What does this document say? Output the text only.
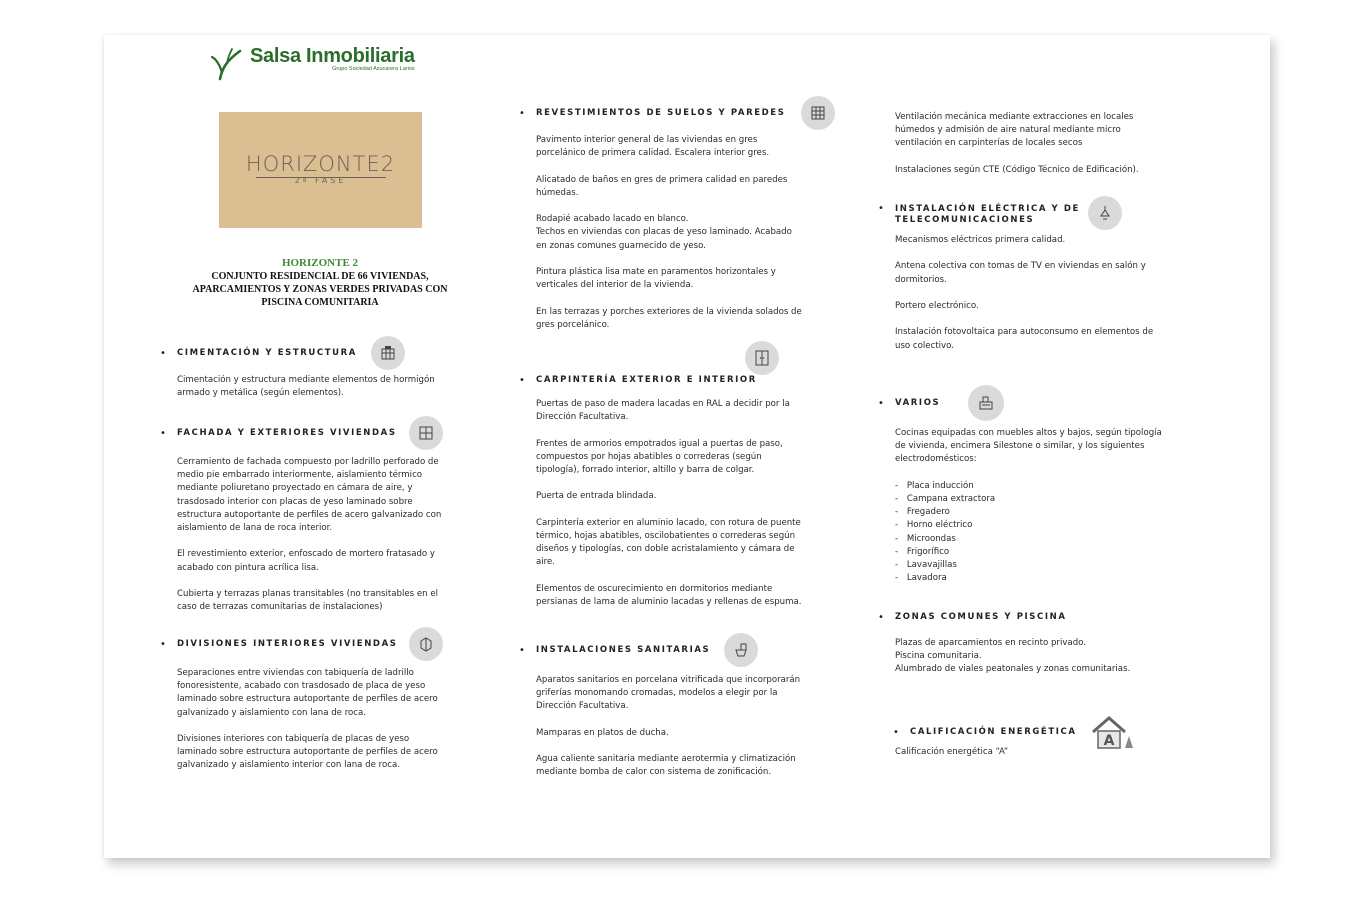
Salsa Inmobiliaria
Grupo Sociedad Azucarera Larios
HORIZONTE2
2ª FASE
HORIZONTE 2
CONJUNTO RESIDENCIAL DE 66 VIVIENDAS,
APARCAMIENTOS Y ZONAS VERDES PRIVADAS CON
PISCINA COMUNITARIA
•	CIMENTACIÓN Y ESTRUCTURA

Cimentación y estructura mediante elementos de hormigón
armado y metálica (según elementos).

•	FACHADA Y EXTERIORES VIVIENDAS

Cerramiento de fachada compuesto por ladrillo perforado de
medio pie embarrado interiormente, aislamiento térmico
mediante poliuretano proyectado en cámara de aire, y
trasdosado interior con placas de yeso laminado sobre
estructura autoportante de perfiles de acero galvanizado con
aislamiento de lana de roca interior.

El revestimiento exterior, enfoscado de mortero fratasado y
acabado con pintura acrílica lisa.

Cubierta y terrazas planas transitables (no transitables en el
caso de terrazas comunitarias de instalaciones)

•	DIVISIONES INTERIORES VIVIENDAS

Separaciones entre viviendas con tabiquería de ladrillo
fonoresistente, acabado con trasdosado de placa de yeso
laminado sobre estructura autoportante de perfiles de acero
galvanizado y aislamiento con lana de roca.

Divisiones interiores con tabiquería de placas de yeso
laminado sobre estructura autoportante de perfiles de acero
galvanizado y aislamiento interior con lana de roca.

•	REVESTIMIENTOS DE SUELOS Y PAREDES

Pavimento interior general de las viviendas en gres
porcelánico de primera calidad. Escalera interior gres.

Alicatado de baños en gres de primera calidad en paredes
húmedas.

Rodapié acabado lacado en blanco.
Techos en viviendas con placas de yeso laminado. Acabado
en zonas comunes guarnecido de yeso.

Pintura plástica lisa mate en paramentos horizontales y
verticales del interior de la vivienda.

En las terrazas y porches exteriores de la vivienda solados de
gres porcelánico.

•	CARPINTERÍA EXTERIOR E INTERIOR

Puertas de paso de madera lacadas en RAL a decidir por la
Dirección Facultativa.

Frentes de armorios empotrados igual a puertas de paso,
compuestos por hojas abatibles o correderas (según
tipología), forrado interior, altillo y barra de colgar.

Puerta de entrada blindada.

Carpintería exterior en aluminio lacado, con rotura de puente
térmico, hojas abatibles, oscilobatientes o correderas según
diseños y tipologías, con doble acristalamiento y cámara de
aire.

Elementos de oscurecimiento en dormitorios mediante
persianas de lama de aluminio lacadas y rellenas de espuma.

•	INSTALACIONES SANITARIAS

Aparatos sanitarios en porcelana vitrificada que incorporarán
griferías monomando cromadas, modelos a elegir por la
Dirección Facultativa.

Mamparas en platos de ducha.

Agua caliente sanitaria mediante aerotermia y climatización
mediante bomba de calor con sistema de zonificación.

Ventilación mecánica mediante extracciones en locales
húmedos y admisión de aire natural mediante micro
ventilación en carpinterías de locales secos

Instalaciones según CTE (Código Técnico de Edificación).

•	INSTALACIÓN ELÉCTRICA Y DE
TELECOMUNICACIONES

Mecanismos eléctricos primera calidad.

Antena colectiva con tomas de TV en viviendas en salón y
dormitorios.

Portero electrónico.

Instalación fotovoltaica para autoconsumo en elementos de
uso colectivo.

•	VARIOS

Cocinas equipadas con muebles altos y bajos, según tipología
de vivienda, encimera Silestone o similar, y los siguientes
electrodomésticos:

- Placa inducción
- Campana extractora
- Fregadero
- Horno eléctrico
- Microondas
- Frigorífico
- Lavavajillas
- Lavadora
•	ZONAS COMUNES Y PISCINA

Plazas de aparcamientos en recinto privado.
Piscina comunitaria.
Alumbrado de viales peatonales y zonas comunitarias.

•	CALIFICACIÓN ENERGÉTICA
A

Calificación energética “A”
